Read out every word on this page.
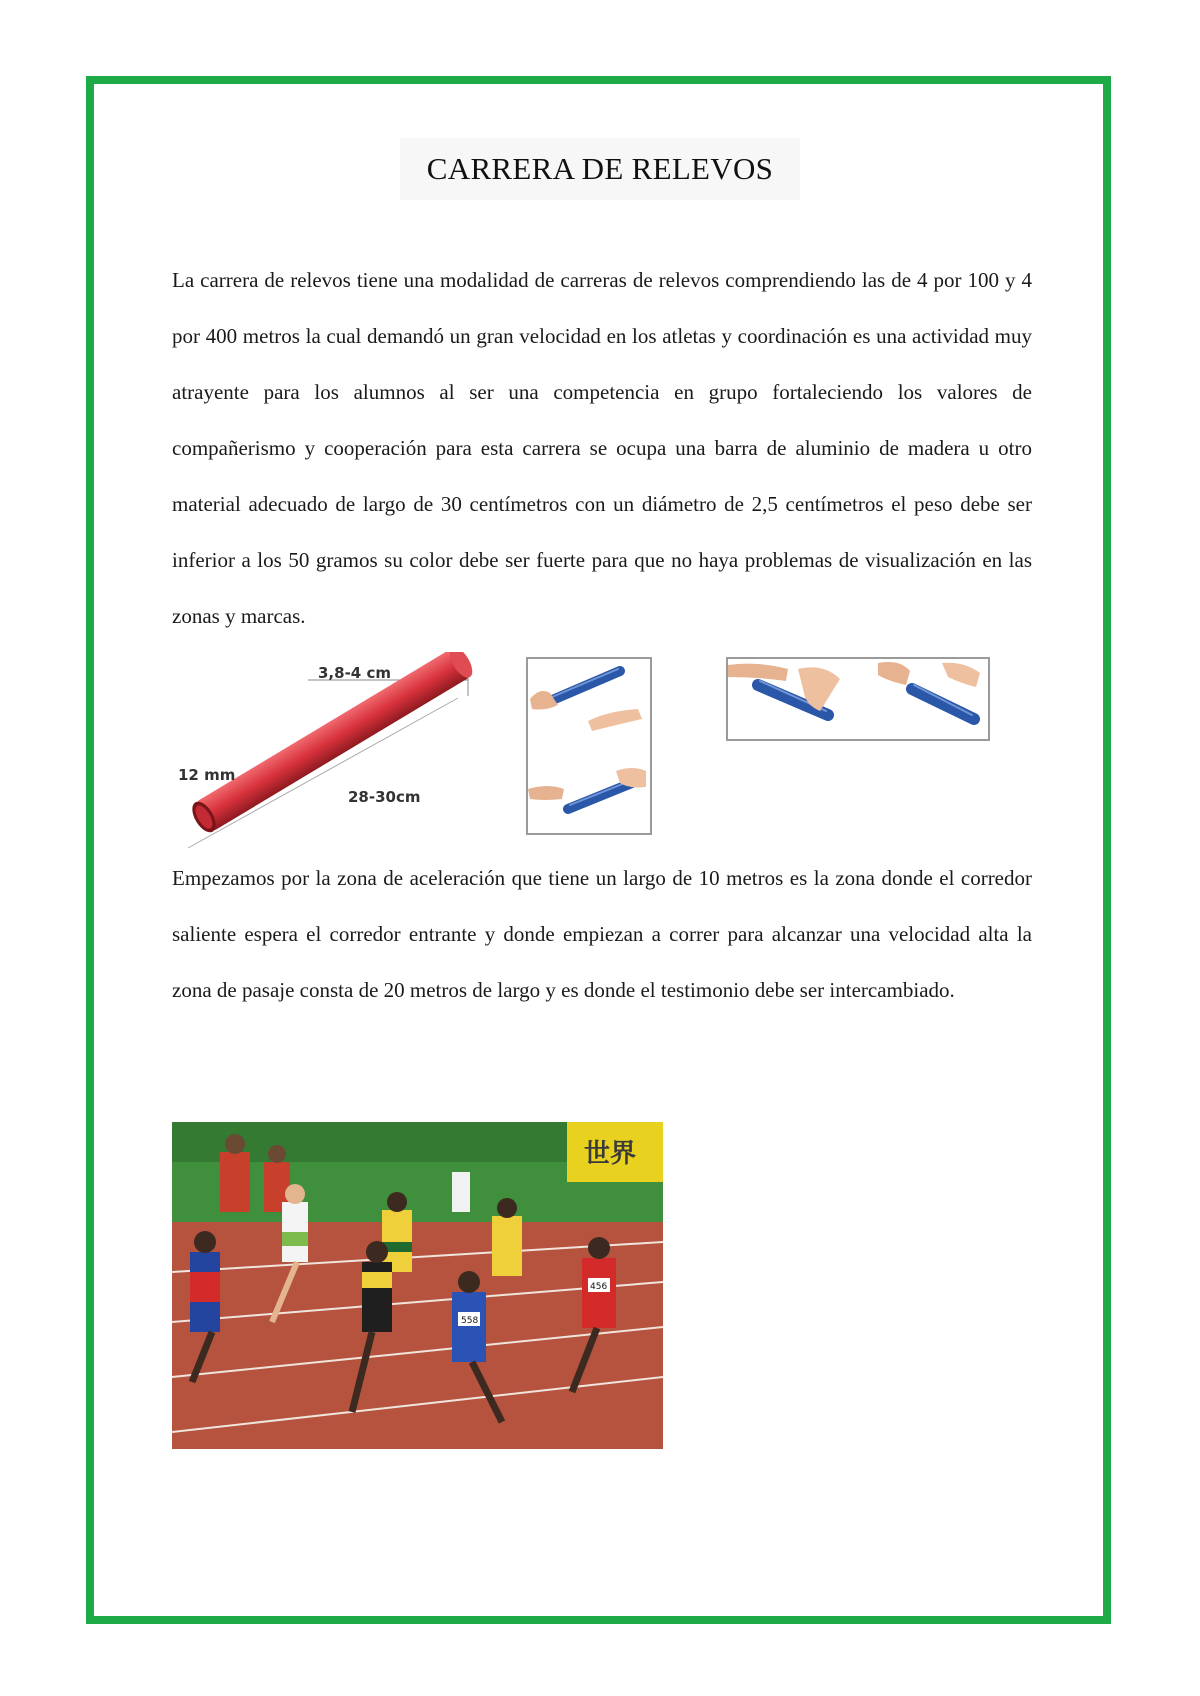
CARRERA DE RELEVOS

La carrera de relevos tiene una modalidad de carreras de relevos comprendiendo las de 4 por 100 y 4 por 400 metros la cual demandó un gran velocidad en los atletas y coordinación es una actividad muy atrayente para los alumnos al ser una competencia en grupo fortaleciendo los valores de compañerismo y cooperación para esta carrera se ocupa una barra de aluminio de madera u otro material adecuado de largo de 30 centímetros con un diámetro de 2,5 centímetros el peso debe ser inferior a los 50 gramos su color debe ser fuerte para que no haya problemas de visualización en las zonas y marcas.

3,8-4 cm
12 mm
28-30cm

Empezamos por la zona de aceleración que tiene un largo de 10 metros es la zona donde el corredor saliente espera el corredor entrante y donde empiezan a correr para alcanzar una velocidad alta la zona de pasaje consta de 20 metros de largo y es donde el testimonio debe ser intercambiado.

世界
558
456
